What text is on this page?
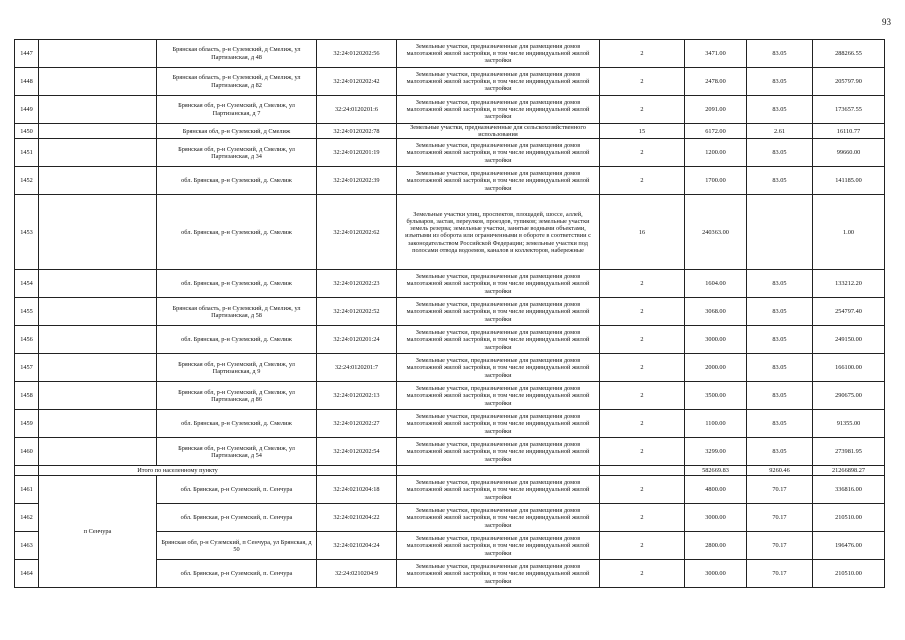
93
1447		Брянская область, р-н Суземский, д Смелиж, ул Партизанская, д 48	32:24:0120202:56	Земельные участки, предназначенные для размещения домов малоэтажной жилой застройки, в том числе индивидуальной жилой застройки	2	3471.00	83.05	288266.55
1448		Брянская область, р-н Суземский, д Смелиж, ул Партизанская, д 82	32:24:0120202:42	Земельные участки, предназначенные для размещения домов малоэтажной жилой застройки, в том числе индивидуальной жилой застройки	2	2478.00	83.05	205797.90
1449		Брянская обл, р-н Суземский, д Смелиж, ул Партизанская, д 7	32:24:0120201:6	Земельные участки, предназначенные для размещения домов малоэтажной жилой застройки, в том числе индивидуальной жилой застройки	2	2091.00	83.05	173657.55
1450		Брянская обл, р-н Суземский, д Смелиж	32:24:0120202:78	Земельные участки, предназначенные для сельскохозяйственного использования	15	6172.00	2.61	16110.77
1451		Брянская обл, р-н Суземский, д Смелиж, ул Партизанская, д 34	32:24:0120201:19	Земельные участки, предназначенные для размещения домов малоэтажной жилой застройки, в том числе индивидуальной жилой застройки	2	1200.00	83.05	99660.00
1452		обл. Брянская, р-н Суземский, д. Смелиж	32:24:0120202:39	Земельные участки, предназначенные для размещения домов малоэтажной жилой застройки, в том числе индивидуальной жилой застройки	2	1700.00	83.05	141185.00
1453		обл. Брянская, р-н Суземский, д. Смелиж	32:24:0120202:62	Земельные участки улиц, проспектов, площадей, шоссе, аллей, бульваров, застав, переулков, проездов, тупиков; земельные участки земель резерва; земельные участки, занятые водными объектами, изъятыми из оборота или ограниченными в обороте в соответствии с законодательством Российской Федерации; земельные участки под полосами отвода водоемов, каналов и коллекторов, набережные	16	240363.00		1.00
1454		обл. Брянская, р-н Суземский, д. Смелиж	32:24:0120202:23	Земельные участки, предназначенные для размещения домов малоэтажной жилой застройки, в том числе индивидуальной жилой застройки	2	1604.00	83.05	133212.20
1455		Брянская область, р-н Суземский, д Смелиж, ул Партизанская, д 58	32:24:0120202:52	Земельные участки, предназначенные для размещения домов малоэтажной жилой застройки, в том числе индивидуальной жилой застройки	2	3068.00	83.05	254797.40
1456		обл. Брянская, р-н Суземский, д. Смелиж	32:24:0120201:24	Земельные участки, предназначенные для размещения домов малоэтажной жилой застройки, в том числе индивидуальной жилой застройки	2	3000.00	83.05	249150.00
1457		Брянская обл, р-н Суземский, д Смелиж, ул Партизанская, д 9	32:24:0120201:7	Земельные участки, предназначенные для размещения домов малоэтажной жилой застройки, в том числе индивидуальной жилой застройки	2	2000.00	83.05	166100.00
1458		Брянская обл, р-н Суземский, д Смелиж, ул Партизанская, д 86	32:24:0120202:13	Земельные участки, предназначенные для размещения домов малоэтажной жилой застройки, в том числе индивидуальной жилой застройки	2	3500.00	83.05	290675.00
1459		обл. Брянская, р-н Суземский, д. Смелиж	32:24:0120202:27	Земельные участки, предназначенные для размещения домов малоэтажной жилой застройки, в том числе индивидуальной жилой застройки	2	1100.00	83.05	91355.00
1460		Брянская обл, р-н Суземский, д Смелиж, ул Партизанская, д 54	32:24:0120202:54	Земельные участки, предназначенные для размещения домов малоэтажной жилой застройки, в том числе индивидуальной жилой застройки	2	3299.00	83.05	273981.95
	Итого по населенному пункту					582669.83	9260.46	21266898.27
1461	п Сенчура	обл. Брянская, р-н Суземский, п. Сенчура	32:24:0210204:18	Земельные участки, предназначенные для размещения домов малоэтажной жилой застройки, в том числе индивидуальной жилой застройки	2	4800.00	70.17	336816.00
1462		обл. Брянская, р-н Суземский, п. Сенчура	32:24:0210204:22	Земельные участки, предназначенные для размещения домов малоэтажной жилой застройки, в том числе индивидуальной жилой застройки	2	3000.00	70.17	210510.00
1463		Брянская обл, р-н Суземский, п Сенчура, ул Брянская, д 50	32:24:0210204:24	Земельные участки, предназначенные для размещения домов малоэтажной жилой застройки, в том числе индивидуальной жилой застройки	2	2800.00	70.17	196476.00
1464		обл. Брянская, р-н Суземский, п. Сенчура	32:24:0210204:9	Земельные участки, предназначенные для размещения домов малоэтажной жилой застройки, в том числе индивидуальной жилой застройки	2	3000.00	70.17	210510.00
